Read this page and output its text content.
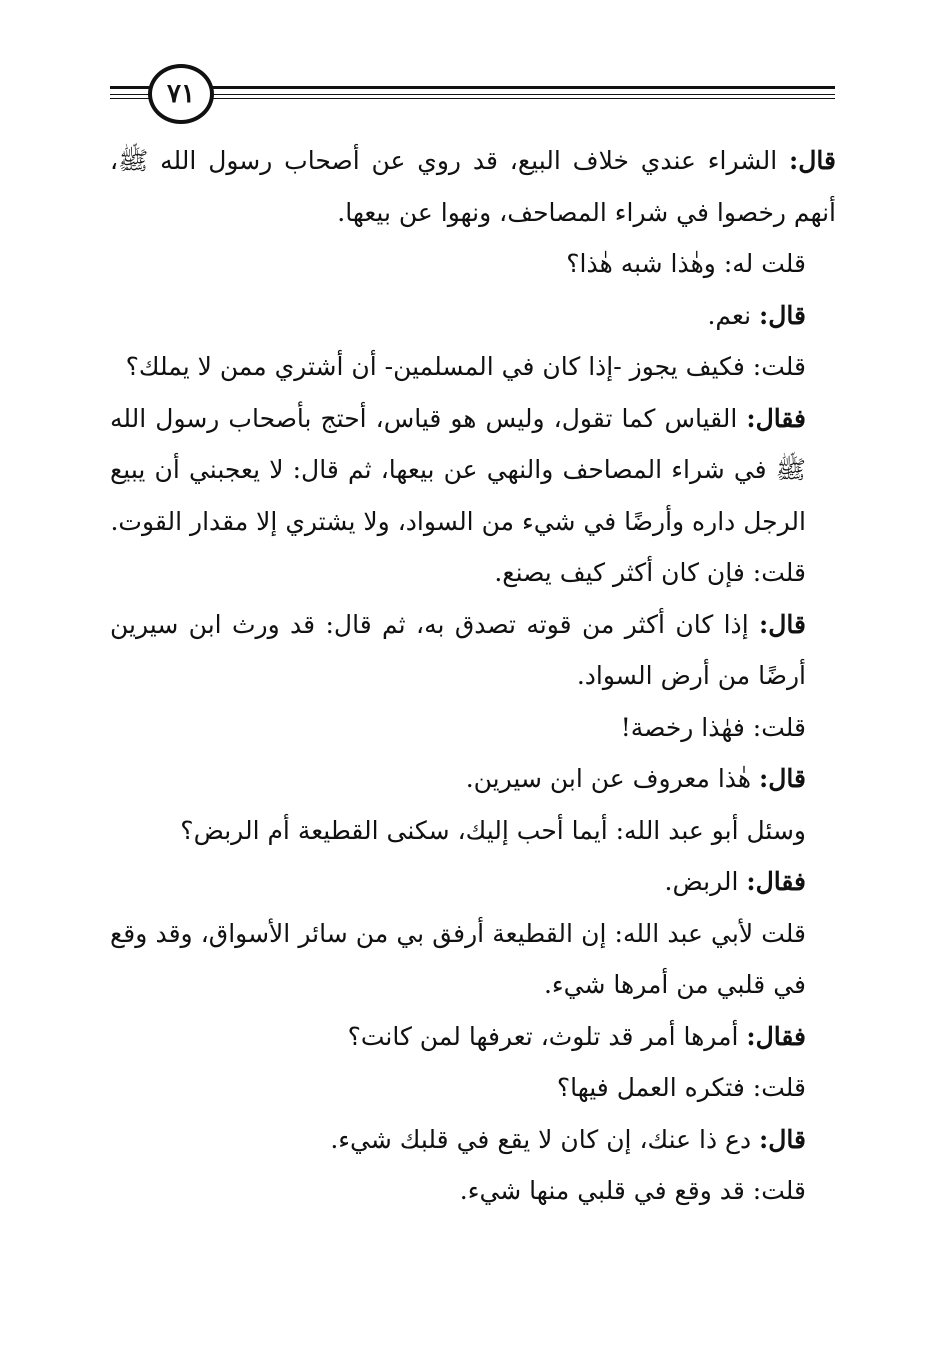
٧١

قال: الشراء عندي خلاف البيع، قد روي عن أصحاب رسول الله ﷺ، أنهم رخصوا في شراء المصاحف، ونهوا عن بيعها.

قلت له: وهٰذا شبه هٰذا؟

قال: نعم.

قلت: فكيف يجوز -إذا كان في المسلمين- أن أشتري ممن لا يملك؟

فقال: القياس كما تقول، وليس هو قياس، أحتج بأصحاب رسول الله ﷺ في شراء المصاحف والنهي عن بيعها، ثم قال: لا يعجبني أن يبيع الرجل داره وأرضًا في شيء من السواد، ولا يشتري إلا مقدار القوت.

قلت: فإن كان أكثر كيف يصنع.

قال: إذا كان أكثر من قوته تصدق به، ثم قال: قد ورث ابن سيرين أرضًا من أرض السواد.

قلت: فهٰذا رخصة!

قال: هٰذا معروف عن ابن سيرين.

وسئل أبو عبد الله: أيما أحب إليك، سكنى القطيعة أم الربض؟

فقال: الربض.

قلت لأبي عبد الله: إن القطيعة أرفق بي من سائر الأسواق، وقد وقع في قلبي من أمرها شيء.

فقال: أمرها أمر قد تلوث، تعرفها لمن كانت؟

قلت: فتكره العمل فيها؟

قال: دع ذا عنك، إن كان لا يقع في قلبك شيء.

قلت: قد وقع في قلبي منها شيء.
